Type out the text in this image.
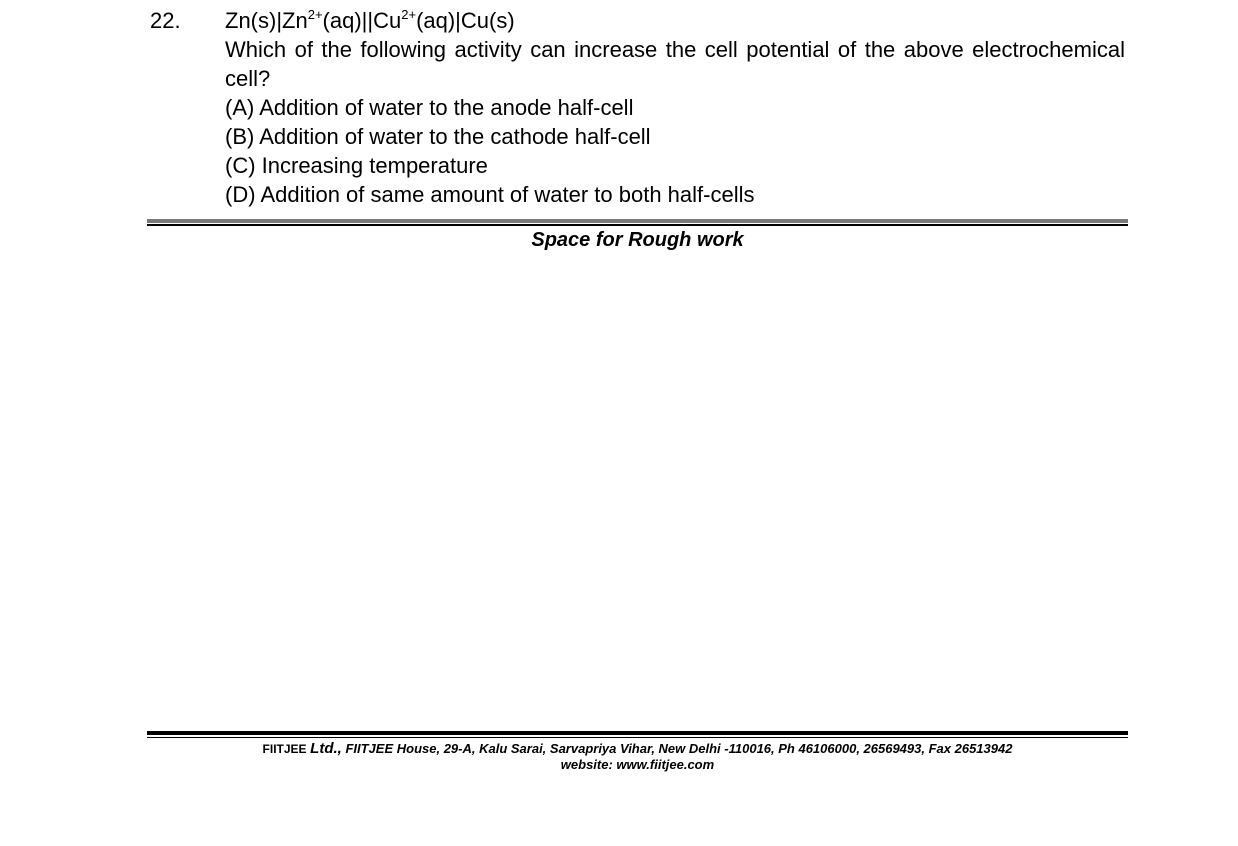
22. $Zn(s)|Zn^{2+}(aq)||Cu^{2+}(aq)|Cu(s)$
Which of the following activity can increase the cell potential of the above electrochemical cell?
(A) Addition of water to the anode half-cell
(B) Addition of water to the cathode half-cell
(C) Increasing temperature
(D) Addition of same amount of water to both half-cells
Space for Rough work
FIITJEE Ltd., FIITJEE House, 29-A, Kalu Sarai, Sarvapriya Vihar, New Delhi -110016, Ph 46106000, 26569493, Fax 26513942
website: www.fiitjee.com
